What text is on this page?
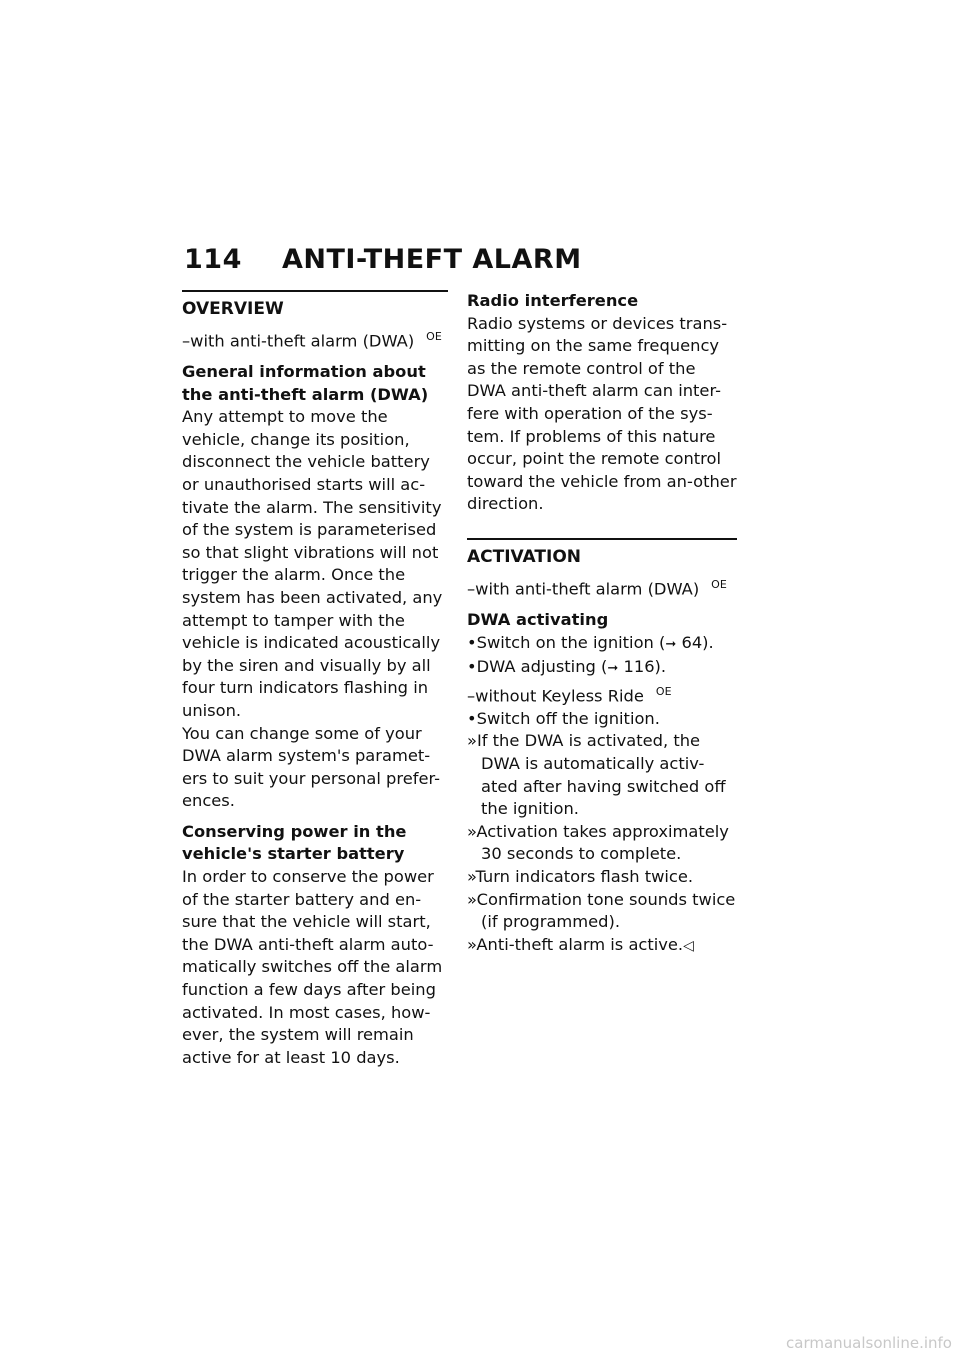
114 ANTI-THEFT ALARM
OVERVIEW

–with anti-theft alarm (DWA) $^{OE}$

General information about the anti-theft alarm (DWA)

Any attempt to move the vehicle, change its position, disconnect the vehicle battery or unauthorised starts will ac-tivate the alarm. The sensitivity of the system is parameterised so that slight vibrations will not trigger the alarm. Once the system has been activated, any attempt to tamper with the vehicle is indicated acoustically by the siren and visually by all four turn indicators flashing in unison.

You can change some of your DWA alarm system's paramet-ers to suit your personal prefer-ences.

Conserving power in the vehicle's starter battery

In order to conserve the power of the starter battery and en-sure that the vehicle will start, the DWA anti-theft alarm auto-matically switches off the alarm function a few days after being activated. In most cases, how-ever, the system will remain active for at least 10 days.

Radio interference

Radio systems or devices trans-mitting on the same frequency as the remote control of the DWA anti-theft alarm can inter-fere with operation of the sys-tem. If problems of this nature occur, point the remote control toward the vehicle from an-other direction.

ACTIVATION

–with anti-theft alarm (DWA) $^{OE}$

DWA activating

•Switch on the ignition (➞ 64).

•DWA adjusting (➞ 116).

–without Keyless Ride $^{OE}$

•Switch off the ignition.

»If the DWA is activated, the DWA is automatically activ-ated after having switched off the ignition.

»Activation takes approximately 30 seconds to complete.

»Turn indicators flash twice.

»Confirmation tone sounds twice (if programmed).

»Anti-theft alarm is active.◁

carmanualsonline.info
